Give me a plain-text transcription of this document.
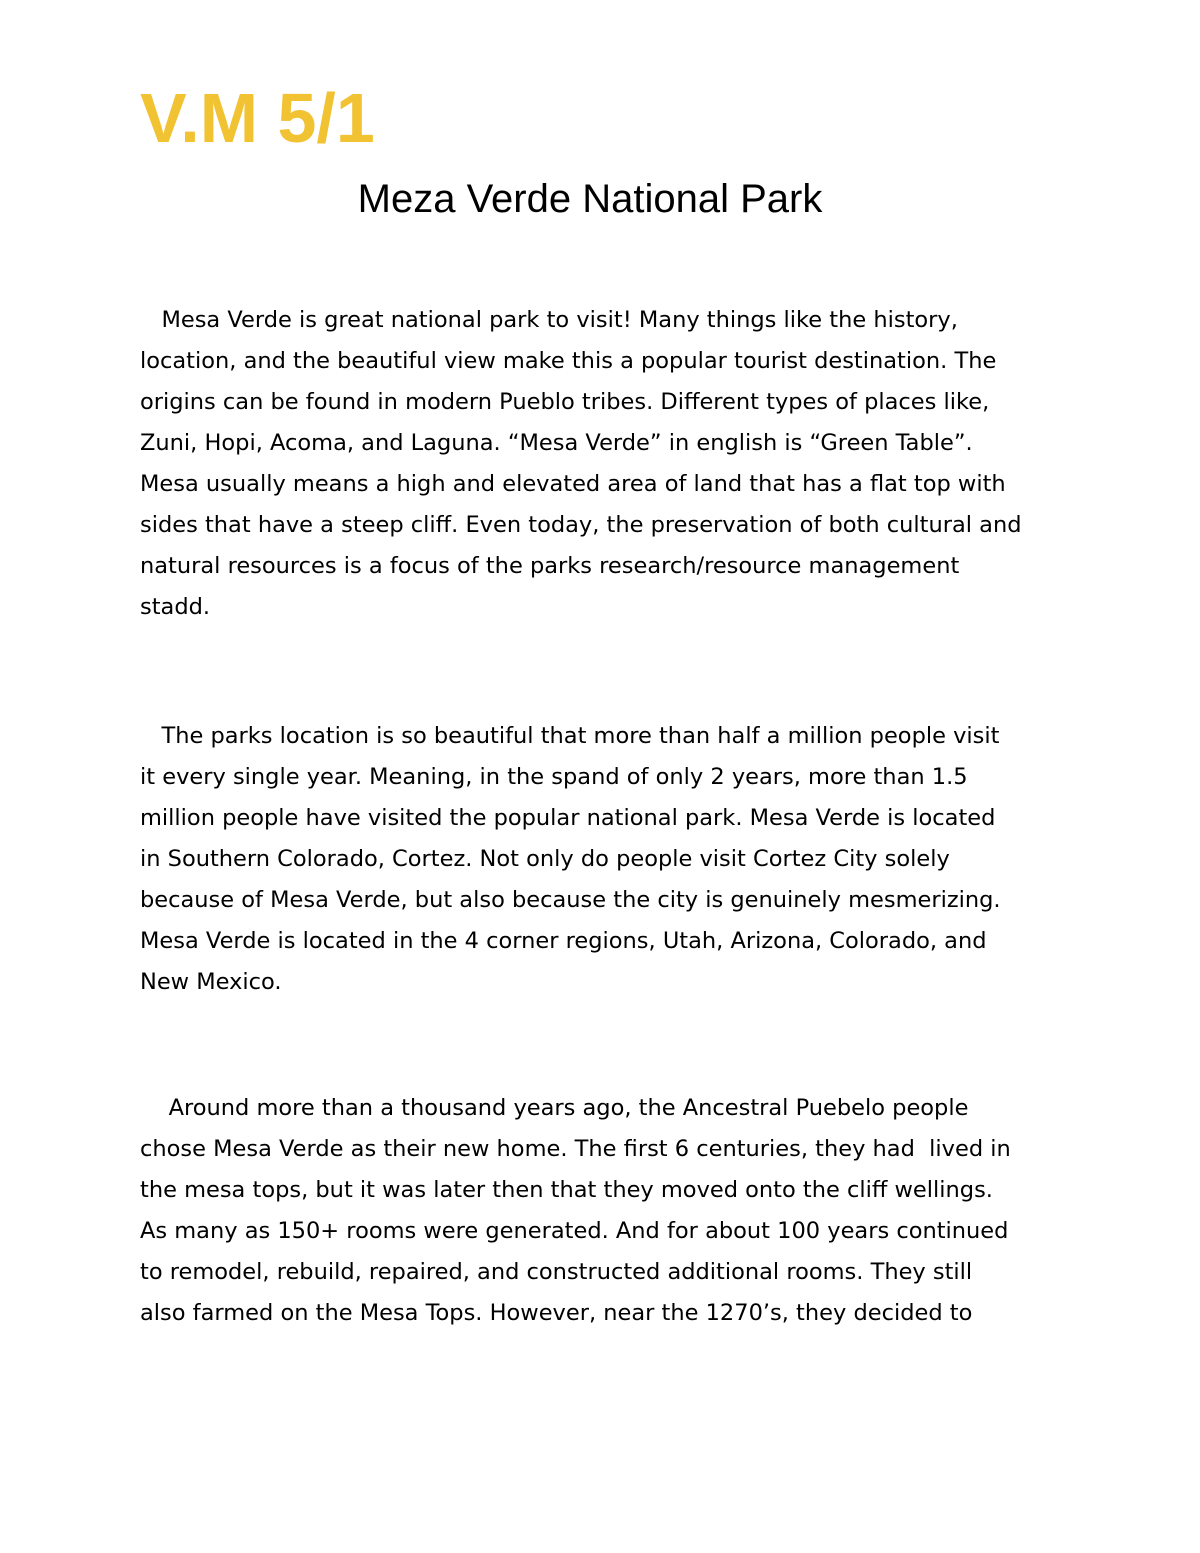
V.M 5/1
Meza Verde National Park
Mesa Verde is great national park to visit! Many things like the history,
location, and the beautiful view make this a popular tourist destination. The
origins can be found in modern Pueblo tribes. Different types of places like,
Zuni, Hopi, Acoma, and Laguna. “Mesa Verde” in english is “Green Table”.
Mesa usually means a high and elevated area of land that has a flat top with
sides that have a steep cliff. Even today, the preservation of both cultural and
natural resources is a focus of the parks research/resource management
stadd.
The parks location is so beautiful that more than half a million people visit
it every single year. Meaning, in the spand of only 2 years, more than 1.5
million people have visited the popular national park. Mesa Verde is located
in Southern Colorado, Cortez. Not only do people visit Cortez City solely
because of Mesa Verde, but also because the city is genuinely mesmerizing.
Mesa Verde is located in the 4 corner regions, Utah, Arizona, Colorado, and
New Mexico.
Around more than a thousand years ago, the Ancestral Puebelo people
chose Mesa Verde as their new home. The first 6 centuries, they had  lived in
the mesa tops, but it was later then that they moved onto the cliff wellings.
As many as 150+ rooms were generated. And for about 100 years continued
to remodel, rebuild, repaired, and constructed additional rooms. They still
also farmed on the Mesa Tops. However, near the 1270’s, they decided to
